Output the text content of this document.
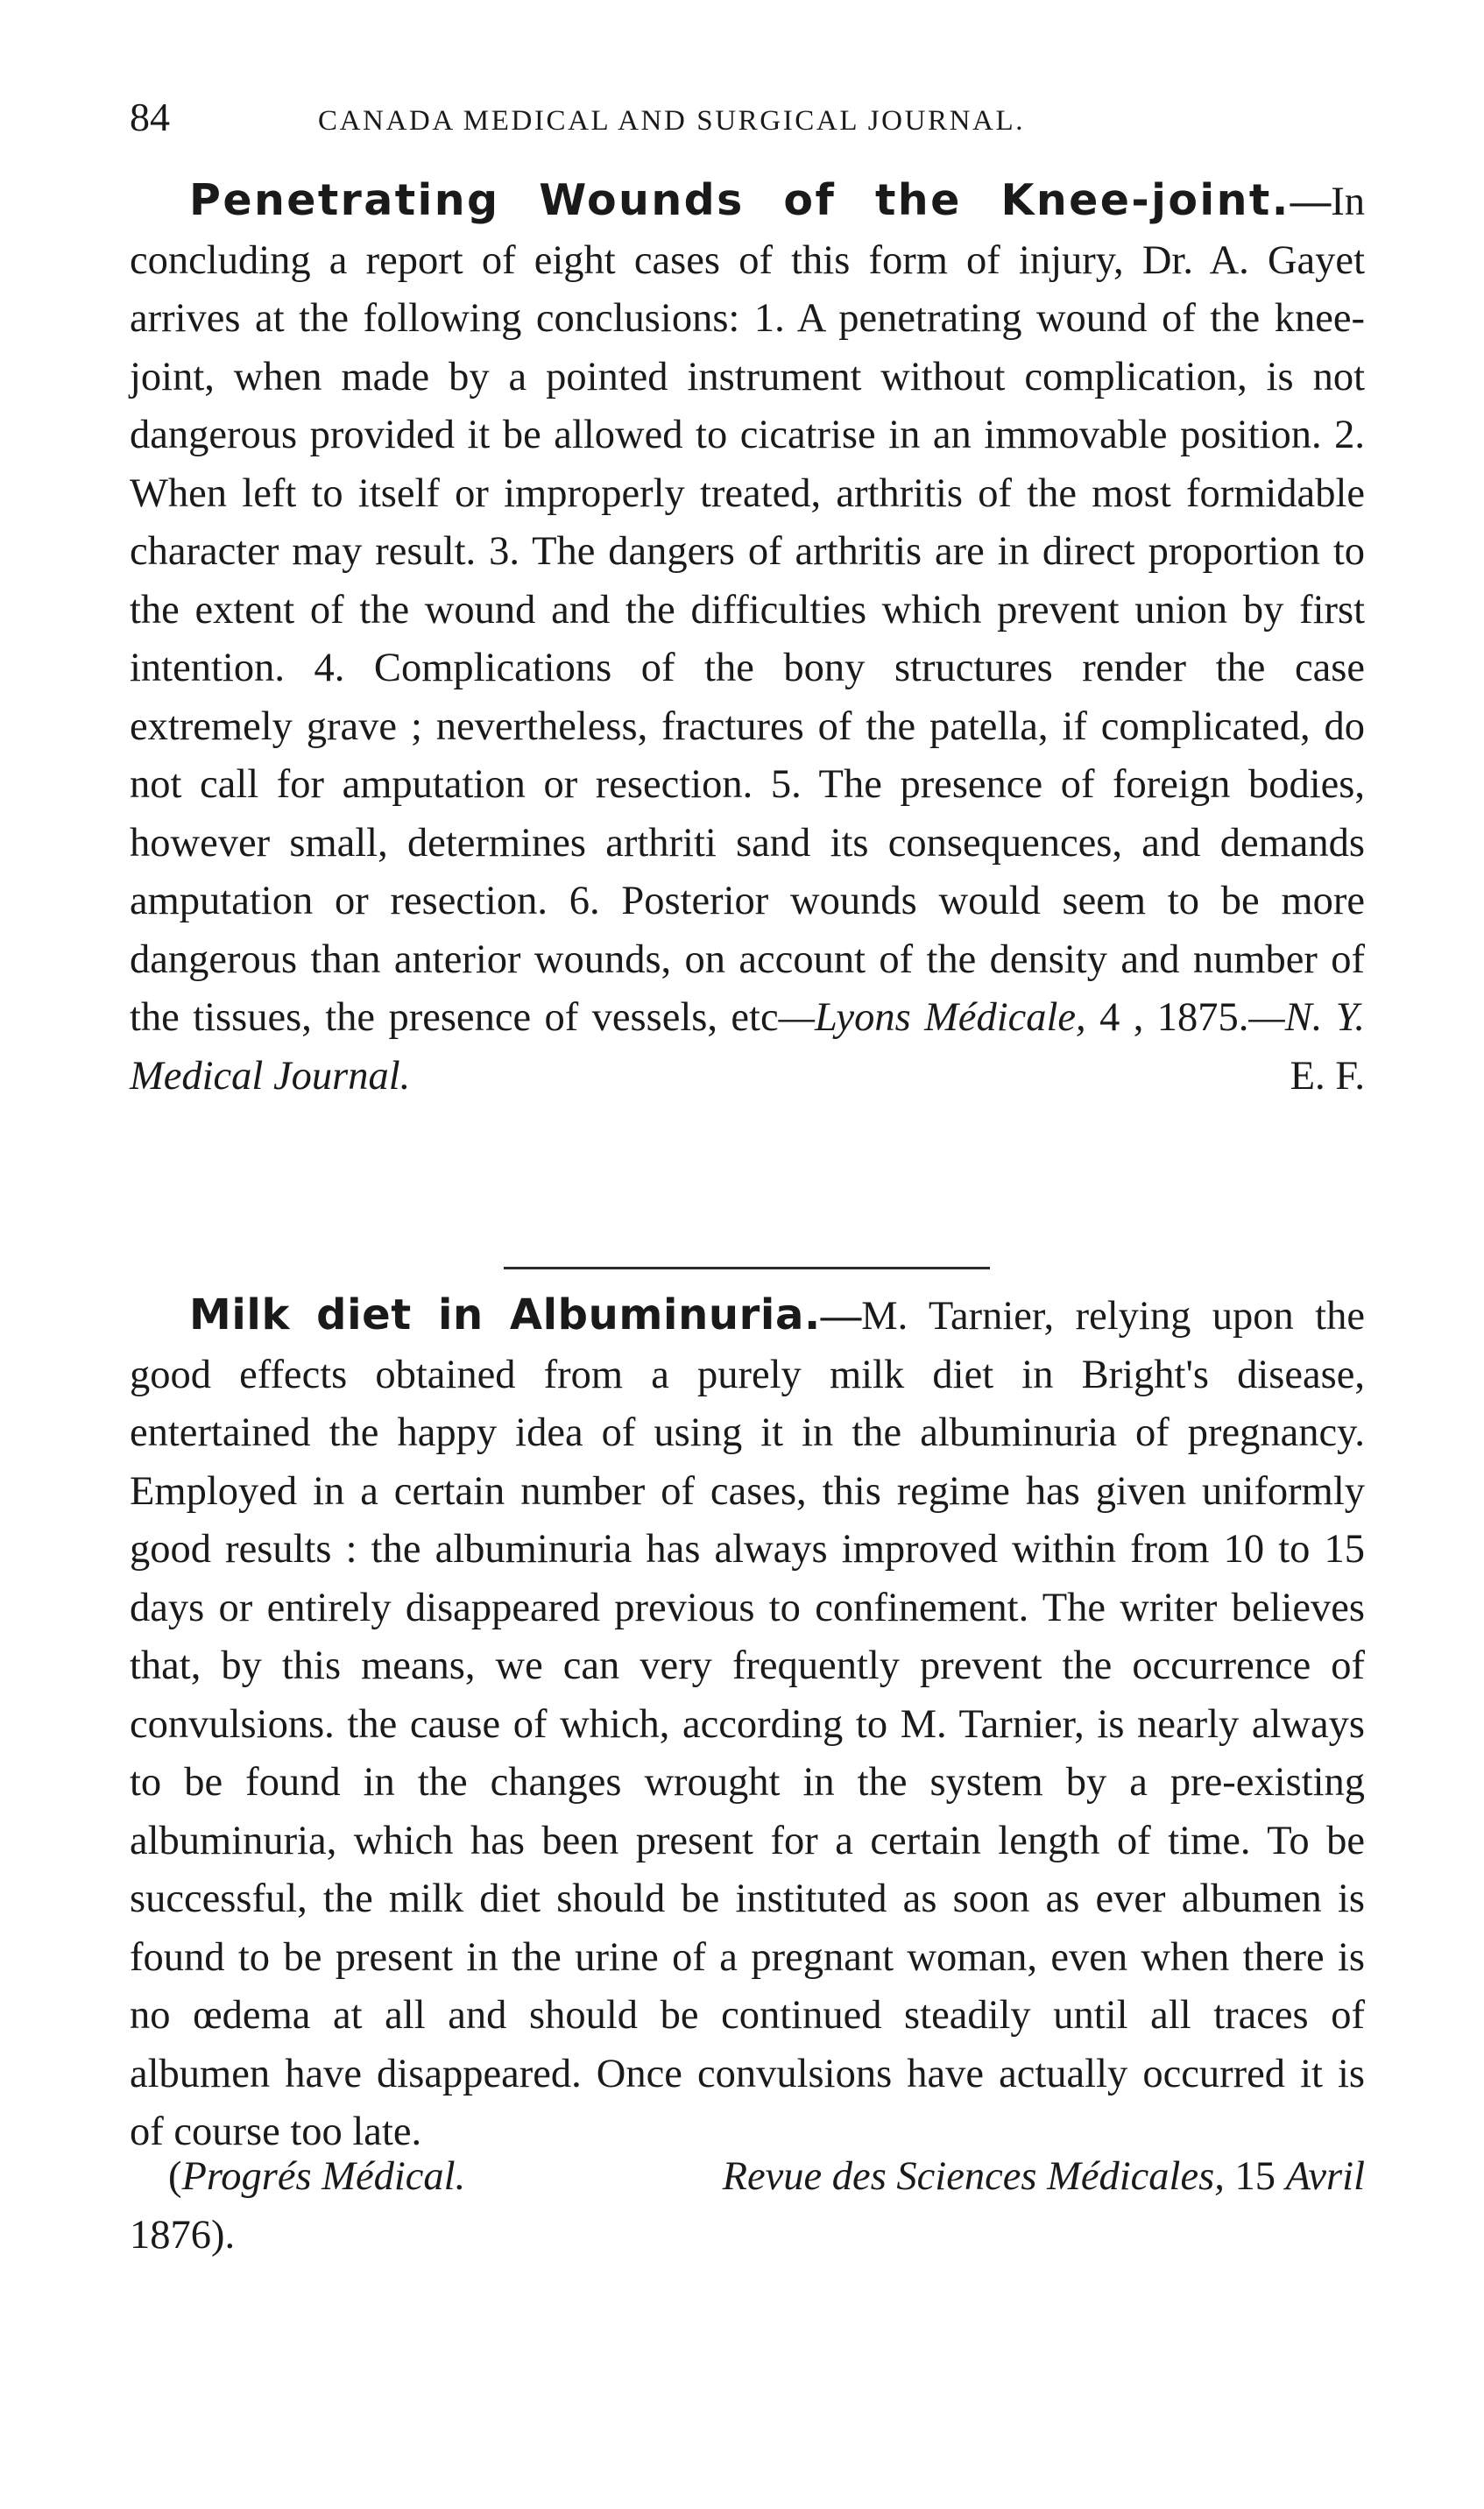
84	CANADA MEDICAL AND SURGICAL JOURNAL.

Penetrating Wounds of the Knee-joint.—In concluding a report of eight cases of this form of injury, Dr. A. Gayet arrives at the following conclusions: 1. A penetrating wound of the knee-joint, when made by a pointed instrument without complication, is not dangerous provided it be allowed to cicatrise in an immovable position. 2. When left to itself or improperly treated, arthritis of the most formidable character may result. 3. The dangers of arthritis are in direct proportion to the extent of the wound and the difficulties which prevent union by first intention. 4. Complications of the bony structures render the case extremely grave ; nevertheless, fractures of the patella, if complicated, do not call for amputation or resection. 5. The presence of foreign bodies, however small, determines arthriti sand its consequences, and demands amputation or resection. 6. Posterior wounds would seem to be more dangerous than anterior wounds, on account of the density and number of the tissues, the presence of vessels, etc—Lyons Médicale, 4 , 1875.—N. Y. Medical Journal.	E. F.

Milk diet in Albuminuria.—M. Tarnier, relying upon the good effects obtained from a purely milk diet in Bright's disease, entertained the happy idea of using it in the albuminuria of pregnancy. Employed in a certain number of cases, this regime has given uniformly good results : the albuminuria has always improved within from 10 to 15 days or entirely disappeared previous to confinement. The writer believes that, by this means, we can very frequently prevent the occurrence of convulsions. the cause of which, according to M. Tarnier, is nearly always to be found in the changes wrought in the system by a pre-existing albuminuria, which has been present for a certain length of time. To be successful, the milk diet should be instituted as soon as ever albumen is found to be present in the urine of a pregnant woman, even when there is no œdema at all and should be continued steadily until all traces of albumen have disappeared. Once convulsions have actually occurred it is of course too late.

(Progrés Médical.	Revue des Sciences Médicales, 15 Avril
1876).
